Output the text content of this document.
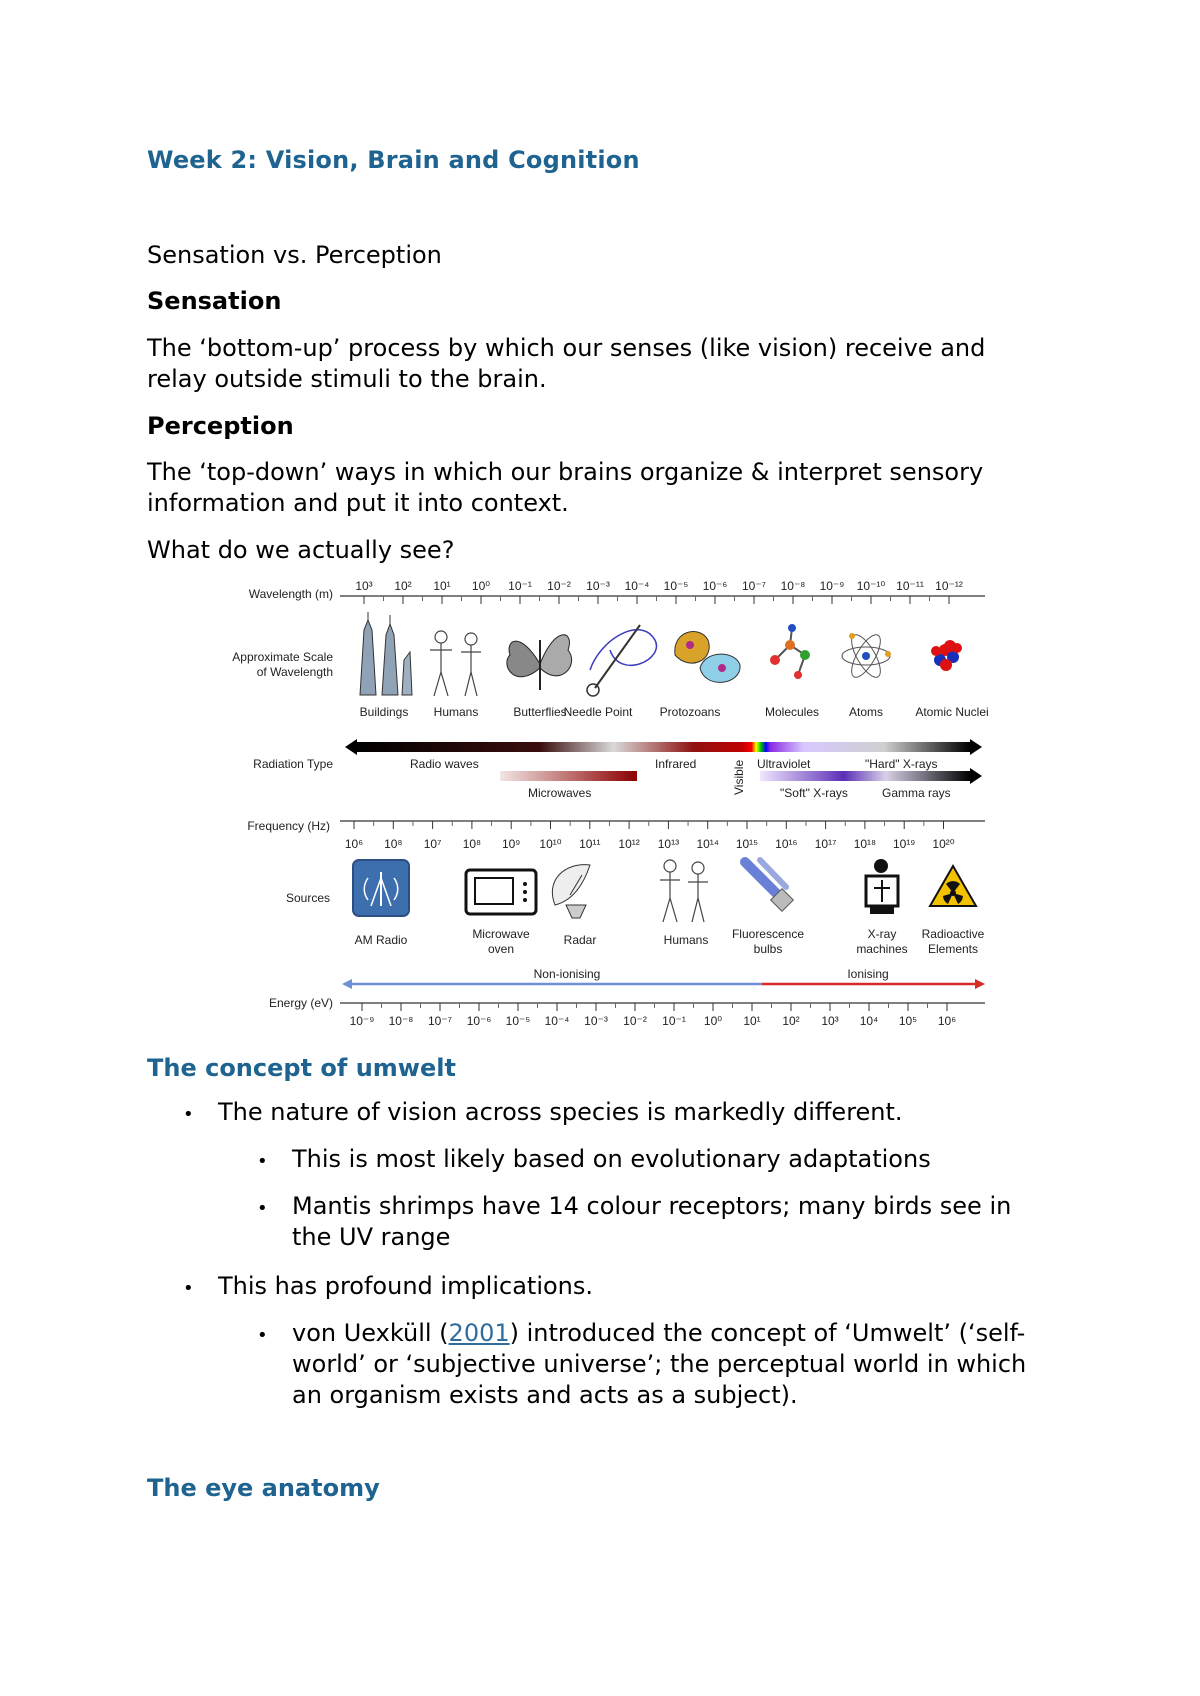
Week 2: Vision, Brain and Cognition
Sensation vs. Perception
Sensation
The ‘bottom-up’ process by which our senses (like vision) receive and
relay outside stimuli to the brain.
Perception
The ‘top-down’ ways in which our brains organize & interpret sensory
information and put it into context.
What do we actually see?
Wavelength (m)
10³ 10² 10¹ 10⁰ 10⁻¹ 10⁻² 10⁻³ 10⁻⁴ 10⁻⁵ 10⁻⁶ 10⁻⁷ 10⁻⁸ 10⁻⁹ 10⁻¹⁰ 10⁻¹¹ 10⁻¹²
Approximate Scale
of Wavelength
Buildings Humans	Butterflies
Needle Point Protozoans	Molecules Atoms	Atomic Nuclei
Radiation Type	Radio waves	Infrared	Visible Ultraviolet	"Hard" X-rays
Microwaves	"Soft" X-rays	Gamma rays
Frequency (Hz)
10⁶ 10⁸ 10⁷ 10⁸ 10⁹ 10¹⁰ 10¹¹ 10¹² 10¹³ 10¹⁴ 10¹⁵ 10¹⁶ 10¹⁷ 10¹⁸ 10¹⁹ 10²⁰
Sources
AM Radio	Microwave oven
Radar	Humans Fluorescence bulbs
X-ray machines
Radioactive Elements
Non-ionising	Ionising
Energy (eV)
10⁻⁹ 10⁻⁸ 10⁻⁷ 10⁻⁶ 10⁻⁵ 10⁻⁴ 10⁻³ 10⁻² 10⁻¹ 10⁰ 10¹ 10² 10³ 10⁴ 10⁵ 10⁶
The concept of umwelt
• The nature of vision across species is markedly different.
• This is most likely based on evolutionary adaptations
• Mantis shrimps have 14 colour receptors; many birds see in
the UV range
• This has profound implications.
• von Uexküll (2001) introduced the concept of ‘Umwelt’ (‘self-
world’ or ‘subjective universe’; the perceptual world in which
an organism exists and acts as a subject).
The eye anatomy
